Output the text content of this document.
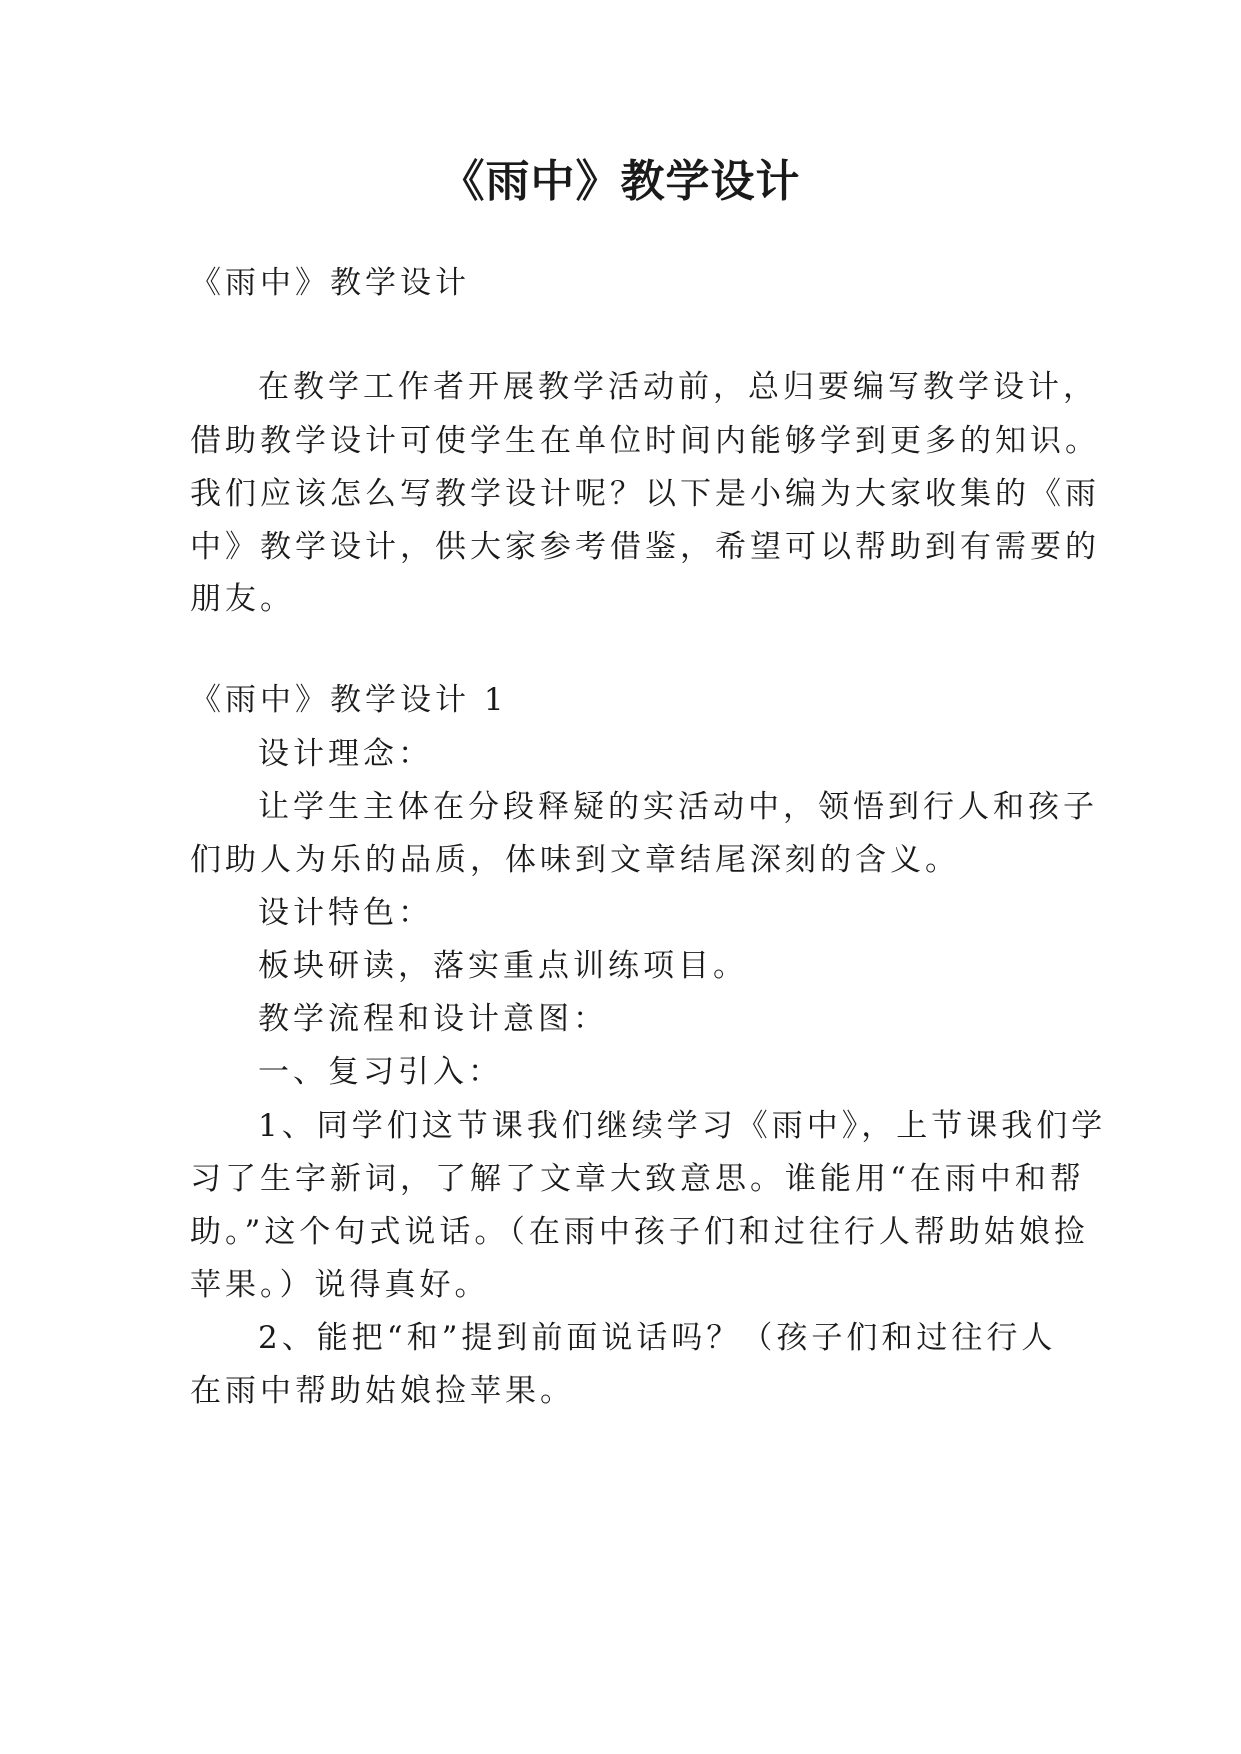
《雨中》教学设计
《雨中》教学设计
在教学工作者开展教学活动前，总归要编写教学设计，
借助教学设计可使学生在单位时间内能够学到更多的知识。
我们应该怎么写教学设计呢？以下是小编为大家收集的《雨
中》教学设计，供大家参考借鉴，希望可以帮助到有需要的
朋友。
《雨中》教学设计 1
设计理念：
让学生主体在分段释疑的实活动中，领悟到行人和孩子
们助人为乐的品质，体味到文章结尾深刻的含义。
设计特色：
板块研读，落实重点训练项目。
教学流程和设计意图：
一、复习引入：
1、同学们这节课我们继续学习《雨中》，上节课我们学
习了生字新词，了解了文章大致意思。谁能用“在雨中和帮
助。”这个句式说话。（在雨中孩子们和过往行人帮助姑娘捡
苹果。）说得真好。
2、能把“和”提到前面说话吗？（孩子们和过往行人
在雨中帮助姑娘捡苹果。
